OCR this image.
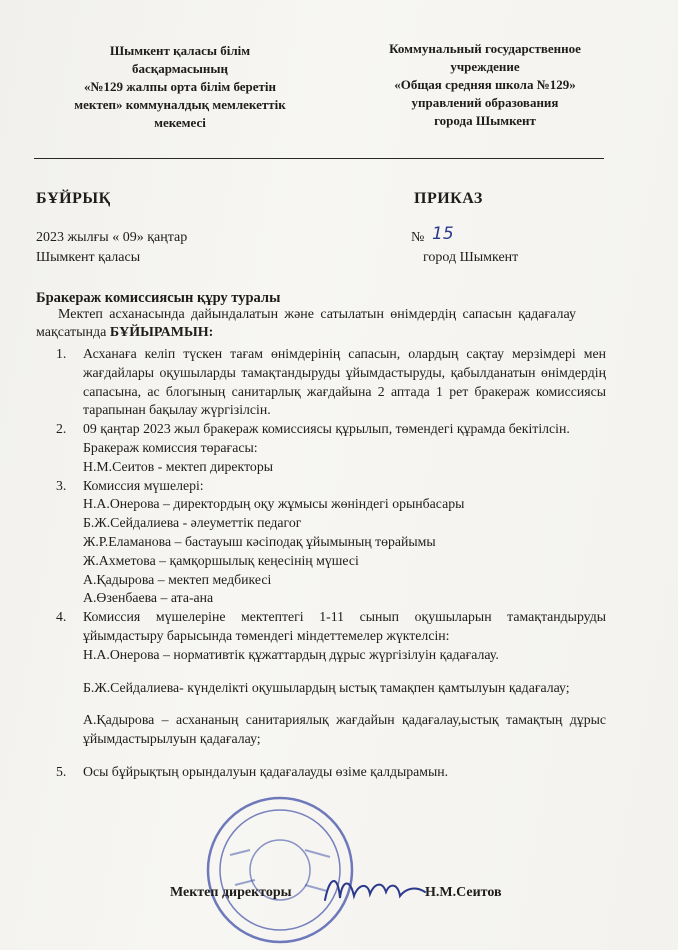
Шымкент қаласы білім
басқармасының
«№129 жалпы орта білім беретін
мектеп» коммуналдық мемлекеттік
мекемесі
Коммунальный государственное
учреждение
«Общая средняя школа №129»
управлений образования
города Шымкент
БҰЙРЫҚ	ПРИКАЗ
2023 жылғы « 09» қаңтар
Шымкент қаласы
№ 15
город Шымкент
Бракераж комиссиясын құру туралы
Мектеп асханасында дайындалатын және сатылатын өнімдердің сапасын қадағалау мақсатында БҰЙЫРАМЫН:
1. Асханаға келіп түскен тағам өнімдерінің сапасын, олардың сақтау мерзімдері мен жағдайлары оқушыларды тамақтандыруды ұйымдастыруды, қабылданатын өнімдердің сапасына, ас блогының санитарлық жағдайына 2 аптада 1 рет бракераж комиссиясы тарапынан бақылау жүргізілсін.
2. 09 қаңтар 2023 жыл бракераж комиссиясы құрылып, төмендегі құрамда бекітілсін.
Бракераж комиссия төрағасы:
Н.М.Сеитов - мектеп директоры
3. Комиссия мүшелері:
Н.А.Онерова – директордың оқу жұмысы жөніндегі орынбасары
Б.Ж.Сейдалиева - әлеуметтік педагог
Ж.Р.Еламанова – бастауыш кәсіподақ ұйымының төрайымы
Ж.Ахметова – қамқоршылық кеңесінің мүшесі
А.Қадырова – мектеп медбикесі
А.Өзенбаева – ата-ана
4. Комиссия мүшелеріне мектептегі 1-11 сынып оқушыларын тамақтандыруды ұйымдастыру барысында төмендегі міндеттемелер жүктелсін:
Н.А.Онерова – нормативтік құжаттардың дұрыс жүргізілуін қадағалау.
Б.Ж.Сейдалиева- күнделікті оқушылардың ыстық тамақпен қамтылуын қадағалау;
А.Қадырова – асхананың санитариялық жағдайын қадағалау,ыстық тамақтың дұрыс ұйымдастырылуын қадағалау;
5. Осы бұйрықтың орындалуын қадағалауды өзіме қалдырамын.
Мектеп директоры	Н.М.Сеитов
